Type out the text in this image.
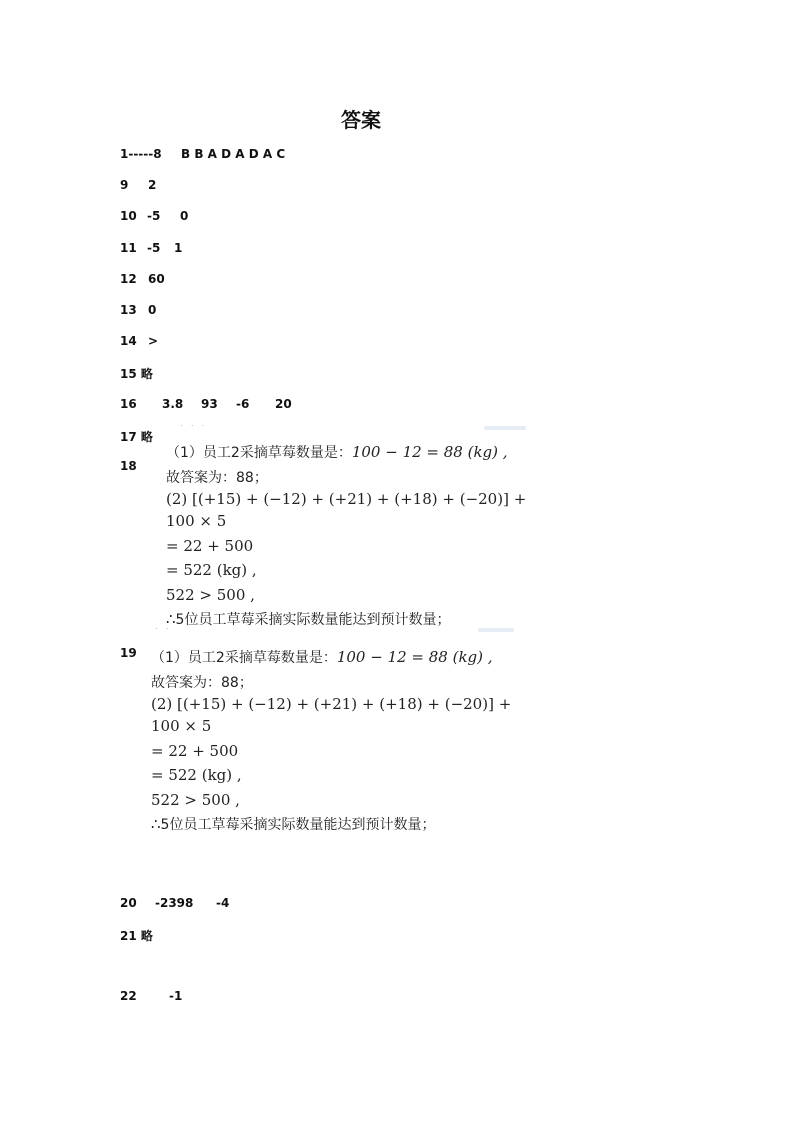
答案

1-----8

B B A D A D A C

9

2

10

-5

0

11

-5

1

12

60

13

0

14

>

15 略

16

3.8

93

-6

20

17 略

18

19

20

-2398

-4

21 略

22

	-1

· · ·
· ·
（1）员工2采摘草莓数量是：100 − 12 = 88 (kg) ,
故答案为：88；
(2) [(+15) + (−12) + (+21) + (+18) + (−20)] +
100 × 5
= 22 + 500
= 522 (kg) ,
522 > 500 ,
∴5位员工草莓采摘实际数量能达到预计数量；
（1）员工2采摘草莓数量是：100 − 12 = 88 (kg) ,
故答案为：88；
(2) [(+15) + (−12) + (+21) + (+18) + (−20)] +
100 × 5
= 22 + 500
= 522 (kg) ,
522 > 500 ,
∴5位员工草莓采摘实际数量能达到预计数量；
